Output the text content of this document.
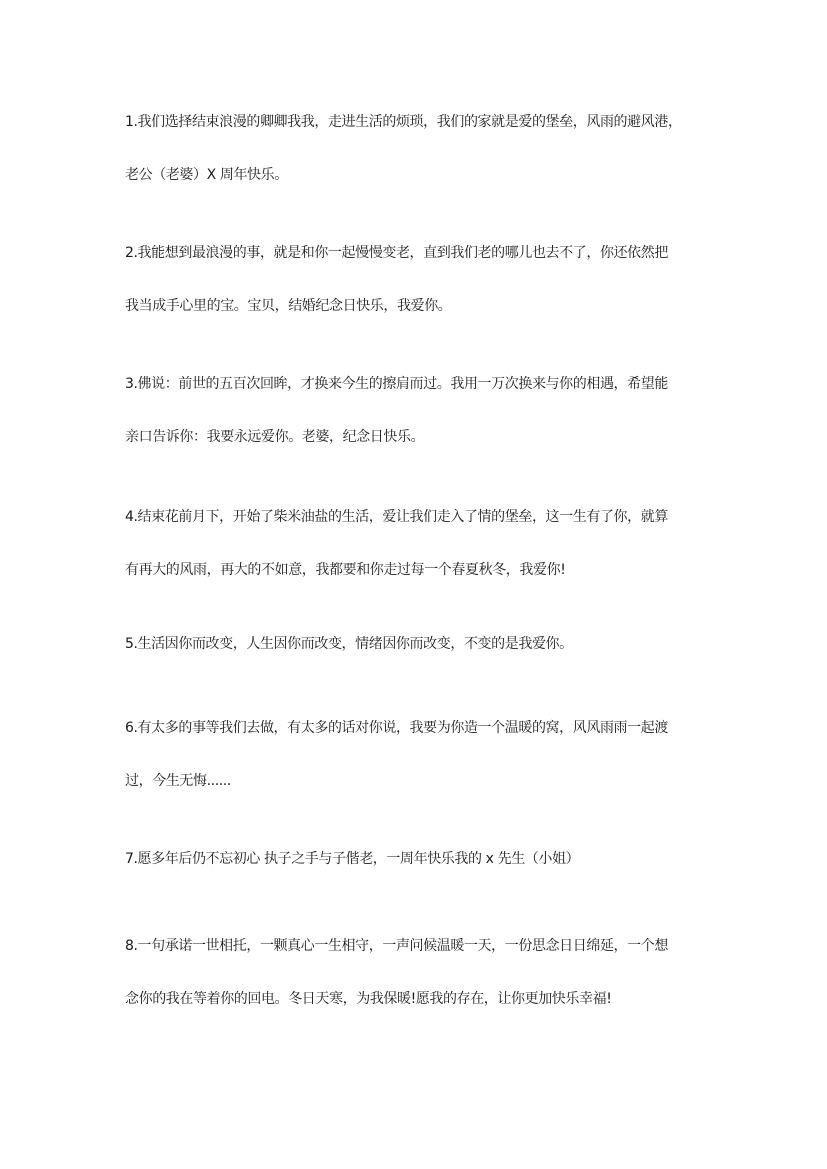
1.我们选择结束浪漫的卿卿我我，走进生活的烦琐，我们的家就是爱的堡垒，风雨的避风港，
老公（老婆）X 周年快乐。

2.我能想到最浪漫的事，就是和你一起慢慢变老，直到我们老的哪儿也去不了，你还依然把
我当成手心里的宝。宝贝，结婚纪念日快乐，我爱你。

3.佛说：前世的五百次回眸，才换来今生的擦肩而过。我用一万次换来与你的相遇，希望能
亲口告诉你：我要永远爱你。老婆，纪念日快乐。

4.结束花前月下，开始了柴米油盐的生活，爱让我们走入了情的堡垒，这一生有了你，就算
有再大的风雨，再大的不如意，我都要和你走过每一个春夏秋冬，我爱你!

5.生活因你而改变，人生因你而改变，情绪因你而改变，不变的是我爱你。

6.有太多的事等我们去做，有太多的话对你说，我要为你造一个温暖的窝，风风雨雨一起渡
过，今生无悔......

7.愿多年后仍不忘初心 执子之手与子偕老，一周年快乐我的 x 先生（小姐）

8.一句承诺一世相托，一颗真心一生相守，一声问候温暖一天，一份思念日日绵延，一个想
念你的我在等着你的回电。冬日天寒，为我保暖!愿我的存在，让你更加快乐幸福!
